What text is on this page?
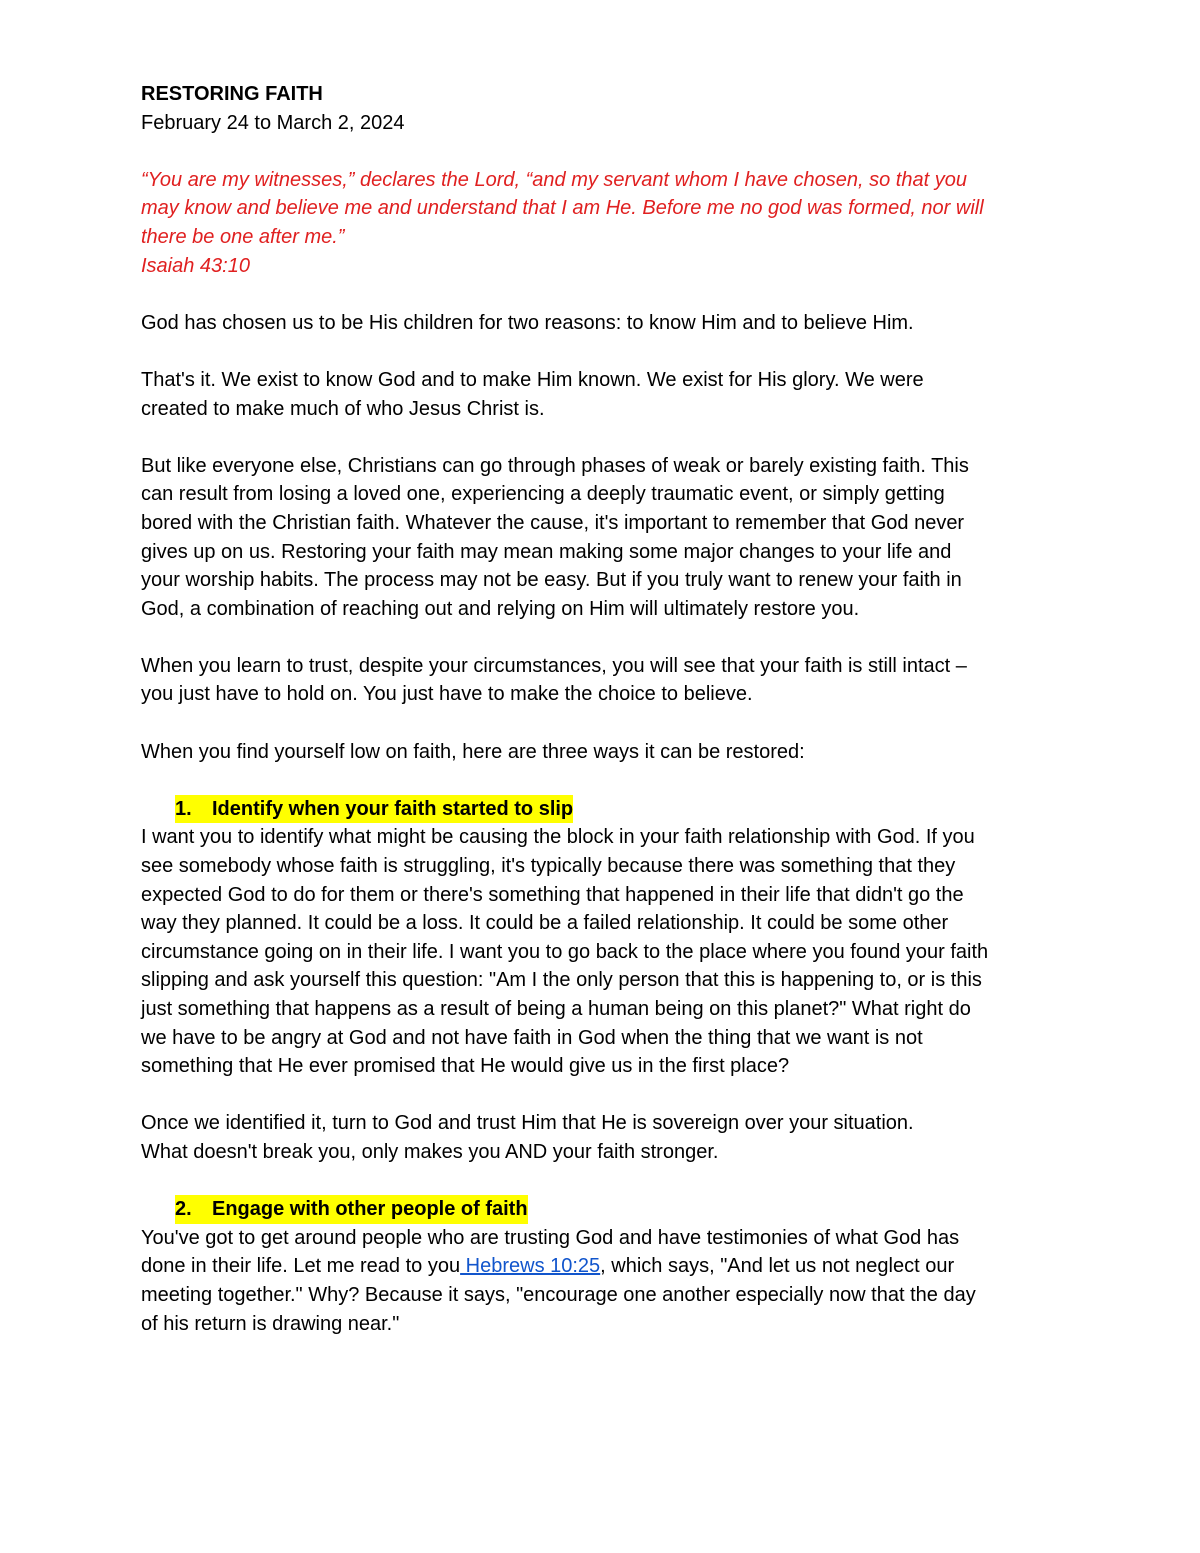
RESTORING FAITH

February 24 to March 2, 2024

“You are my witnesses,” declares the Lord, “and my servant whom I have chosen, so that you

may know and believe me and understand that I am He. Before me no god was formed, nor will

there be one after me.”

Isaiah 43:10

God has chosen us to be His children for two reasons: to know Him and to believe Him.

That's it. We exist to know God and to make Him known. We exist for His glory. We were

created to make much of who Jesus Christ is.

But like everyone else, Christians can go through phases of weak or barely existing faith. This

can result from losing a loved one, experiencing a deeply traumatic event, or simply getting

bored with the Christian faith. Whatever the cause, it's important to remember that God never

gives up on us. Restoring your faith may mean making some major changes to your life and

your worship habits. The process may not be easy. But if you truly want to renew your faith in

God, a combination of reaching out and relying on Him will ultimately restore you.

When you learn to trust, despite your circumstances, you will see that your faith is still intact –

you just have to hold on. You just have to make the choice to believe.

When you find yourself low on faith, here are three ways it can be restored:

1.	Identify when your faith started to slip

I want you to identify what might be causing the block in your faith relationship with God. If you

see somebody whose faith is struggling, it's typically because there was something that they

expected God to do for them or there's something that happened in their life that didn't go the

way they planned. It could be a loss. It could be a failed relationship. It could be some other

circumstance going on in their life. I want you to go back to the place where you found your faith

slipping and ask yourself this question: "Am I the only person that this is happening to, or is this

just something that happens as a result of being a human being on this planet?" What right do

we have to be angry at God and not have faith in God when the thing that we want is not

something that He ever promised that He would give us in the first place?

Once we identified it, turn to God and trust Him that He is sovereign over your situation.

What doesn't break you, only makes you AND your faith stronger.

2.	Engage with other people of faith

You've got to get around people who are trusting God and have testimonies of what God has

done in their life. Let me read to you Hebrews 10:25, which says, "And let us not neglect our

meeting together." Why? Because it says, "encourage one another especially now that the day

of his return is drawing near."
